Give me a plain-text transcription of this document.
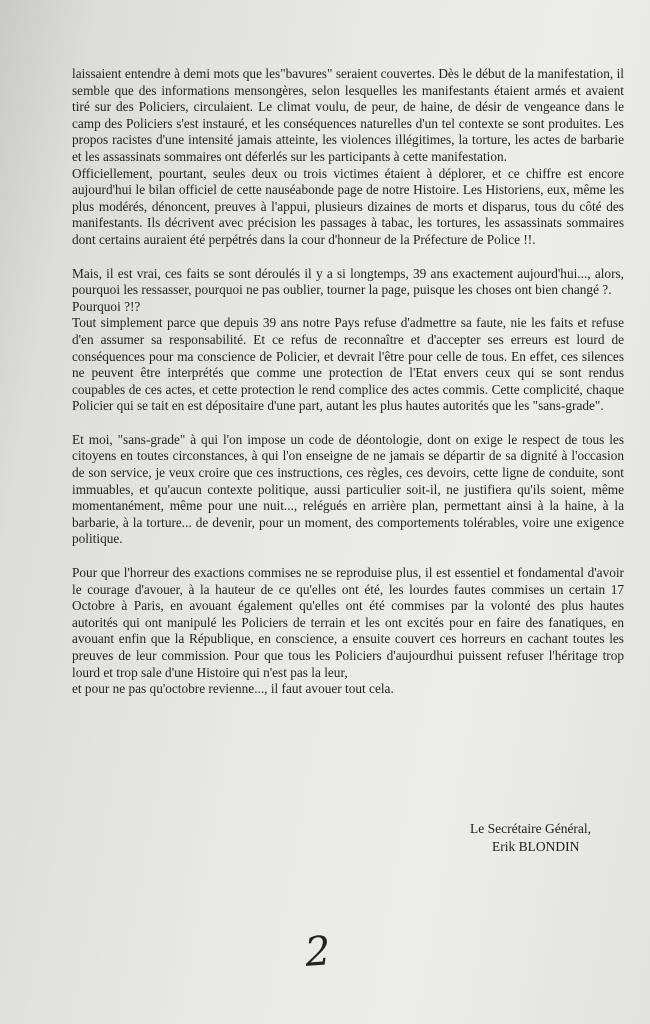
laissaient entendre à demi mots que les"bavures" seraient couvertes. Dès le début de la manifestation, il semble que des informations mensongères, selon lesquelles les manifestants étaient armés et avaient tiré sur des Policiers, circulaient. Le climat voulu, de peur, de haine, de désir de vengeance dans le camp des Policiers s'est instauré, et les conséquences naturelles d'un tel contexte se sont produites. Les propos racistes d'une intensité jamais atteinte, les violences illégitimes, la torture, les actes de barbarie et les assassinats sommaires ont déferlés sur les participants à cette manifestation.

Officiellement, pourtant, seules deux ou trois victimes étaient à déplorer, et ce chiffre est encore aujourd'hui le bilan officiel de cette nauséabonde page de notre Histoire. Les Historiens, eux, même les plus modérés, dénoncent, preuves à l'appui, plusieurs dizaines de morts et disparus, tous du côté des manifestants. Ils décrivent avec précision les passages à tabac, les tortures, les assassinats sommaires dont certains auraient été perpétrés dans la cour d'honneur de la Préfecture de Police !!.

Mais, il est vrai, ces faits se sont déroulés il y a si longtemps, 39 ans exactement aujourd'hui..., alors, pourquoi les ressasser, pourquoi ne pas oublier, tourner la page, puisque les choses ont bien changé ?.

Pourquoi ?!?

Tout simplement parce que depuis 39 ans notre Pays refuse d'admettre sa faute, nie les faits et refuse d'en assumer sa responsabilité. Et ce refus de reconnaître et d'accepter ses erreurs est lourd de conséquences pour ma conscience de Policier, et devrait l'être pour celle de tous. En effet, ces silences ne peuvent être interprétés que comme une protection de l'Etat envers ceux qui se sont rendus coupables de ces actes, et cette protection le rend complice des actes commis. Cette complicité, chaque Policier qui se tait en est dépositaire d'une part, autant les plus hautes autorités que les "sans-grade".

Et moi, "sans-grade" à qui l'on impose un code de déontologie, dont on exige le respect de tous les citoyens en toutes circonstances, à qui l'on enseigne de ne jamais se départir de sa dignité à l'occasion de son service, je veux croire que ces instructions, ces règles, ces devoirs, cette ligne de conduite, sont immuables, et qu'aucun contexte politique, aussi particulier soit-il, ne justifiera qu'ils soient, même momentanément, même pour une nuit..., relégués en arrière plan, permettant ainsi à la haine, à la barbarie, à la torture... de devenir, pour un moment, des comportements tolérables, voire une exigence politique.

Pour que l'horreur des exactions commises ne se reproduise plus, il est essentiel et fondamental d'avoir le courage d'avouer, à la hauteur de ce qu'elles ont été, les lourdes fautes commises un certain 17 Octobre à Paris, en avouant également qu'elles ont été commises par la volonté des plus hautes autorités qui ont manipulé les Policiers de terrain et les ont excités pour en faire des fanatiques, en avouant enfin que la République, en conscience, a ensuite couvert ces horreurs en cachant toutes les preuves de leur commission. Pour que tous les Policiers d'aujourdhui puissent refuser l'héritage trop lourd et trop sale d'une Histoire qui n'est pas la leur,

et pour ne pas qu'octobre revienne..., il faut avouer tout cela.

Le Secrétaire Général,
Erik BLONDIN
2
